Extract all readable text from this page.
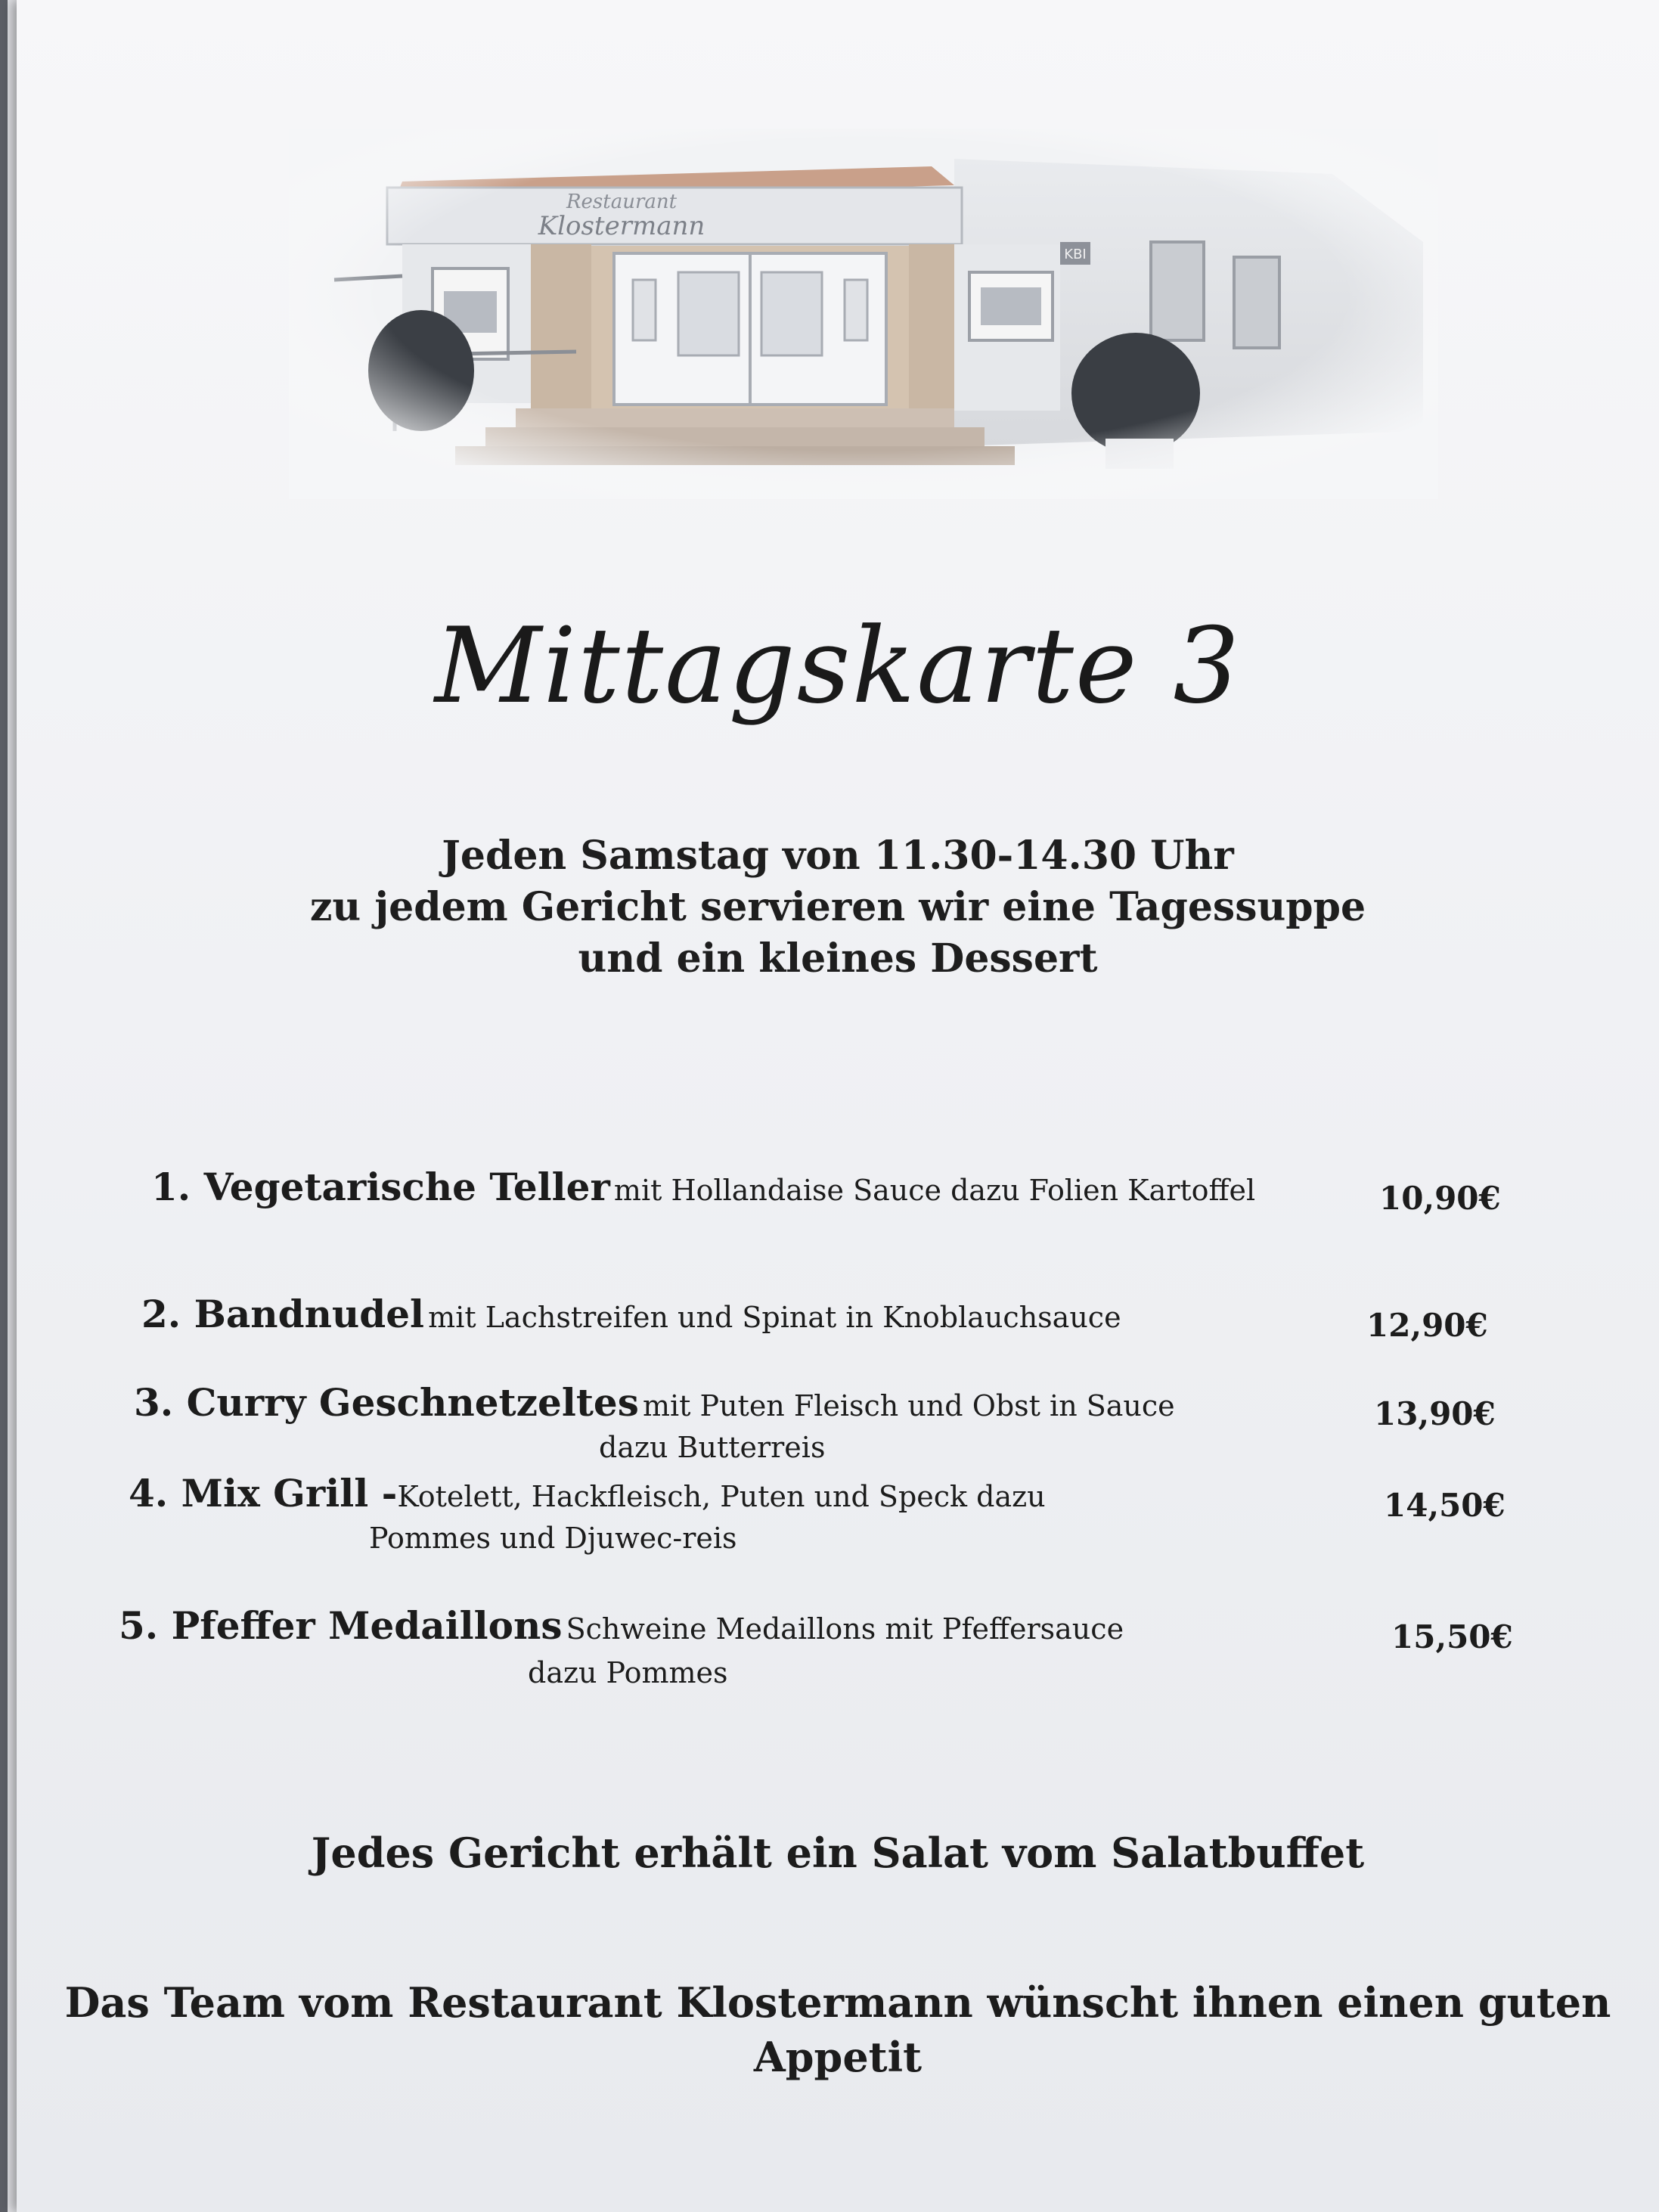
Mittagskarte 3
Jeden Samstag von 11.30-14.30 Uhr
zu jedem Gericht servieren wir eine Tagessuppe
und ein kleines Dessert
1. Vegetarische Teller mit Hollandaise Sauce dazu Folien Kartoffel	10,90€
2. Bandnudel mit Lachstreifen und Spinat in Knoblauchsauce	12,90€
3. Curry Geschnetzeltes mit Puten Fleisch und Obst in Sauce
dazu Butterreis
13,90€
4. Mix Grill -Kotelett, Hackfleisch, Puten und Speck dazu
Pommes und Djuwec-reis
14,50€
5. Pfeffer Medaillons Schweine Medaillons mit Pfeffersauce
dazu Pommes
15,50€
Jedes Gericht erhält ein Salat vom Salatbuffet
Das Team vom Restaurant Klostermann wünscht ihnen einen guten
Appetit
